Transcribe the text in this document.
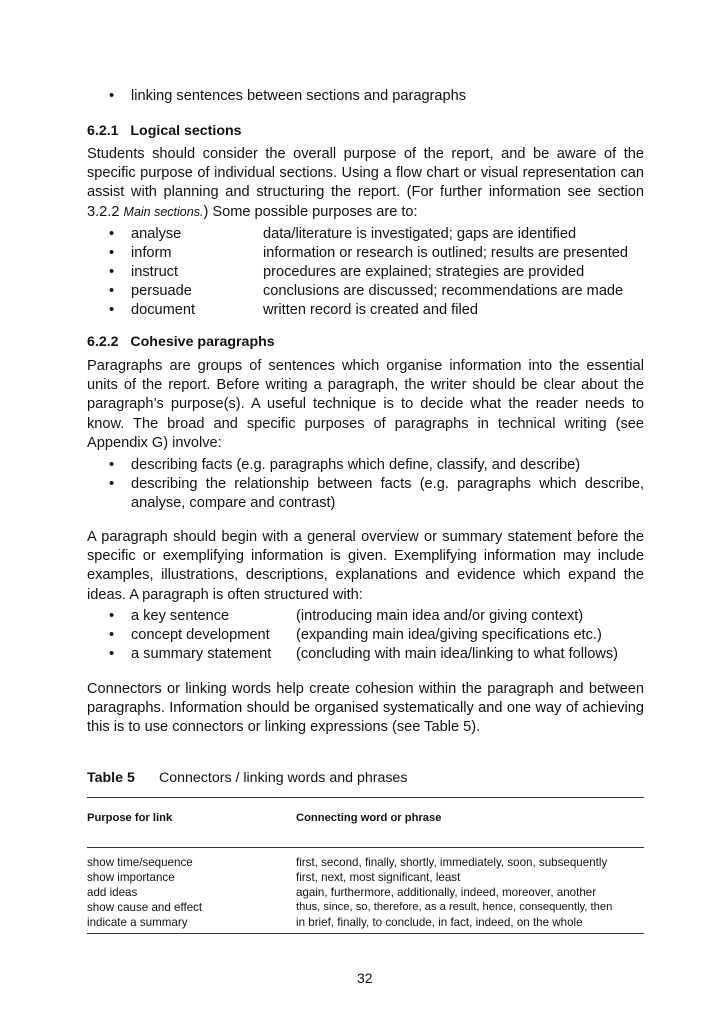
• linking sentences between sections and paragraphs
6.2.1   Logical sections

Students should consider the overall purpose of the report, and be aware of the specific purpose of individual sections. Using a flow chart or visual representation can assist with planning and structuring the report. (For further information see section 3.2.2 Main sections.) Some possible purposes are to:

• analyse	data/literature is investigated; gaps are identified
• inform	information or research is outlined; results are presented
• instruct	procedures are explained; strategies are provided
• persuade	conclusions are discussed; recommendations are made
• document	written record is created and filed
6.2.2   Cohesive paragraphs

Paragraphs are groups of sentences which organise information into the essential units of the report. Before writing a paragraph, the writer should be clear about the paragraph’s purpose(s). A useful technique is to decide what the reader needs to know. The broad and specific purposes of paragraphs in technical writing (see Appendix G) involve:

• describing facts (e.g. paragraphs which define, classify, and describe)
• describing the relationship between facts (e.g. paragraphs which describe,
analyse, compare and contrast)

A paragraph should begin with a general overview or summary statement before the specific or exemplifying information is given. Exemplifying information may include examples, illustrations, descriptions, explanations and evidence which expand the ideas. A paragraph is often structured with:

• a key sentence	(introducing main idea and/or giving context)
• concept development (expanding main idea/giving specifications etc.)
• a summary statement (concluding with main idea/linking to what follows)

Connectors or linking words help create cohesion within the paragraph and between paragraphs. Information should be organised systematically and one way of achieving this is to use connectors or linking expressions (see Table 5).

Table 5 Connectors / linking words and phrases
Purpose for link	Connecting word or phrase
show time/sequence	first, second, finally, shortly, immediately, soon, subsequently
show importance	first, next, most significant, least
add ideas	again, furthermore, additionally, indeed, moreover, another
show cause and effect	thus, since, so, therefore, as a result, hence, consequently, then
indicate a summary	in brief, finally, to conclude, in fact, indeed, on the whole
32
